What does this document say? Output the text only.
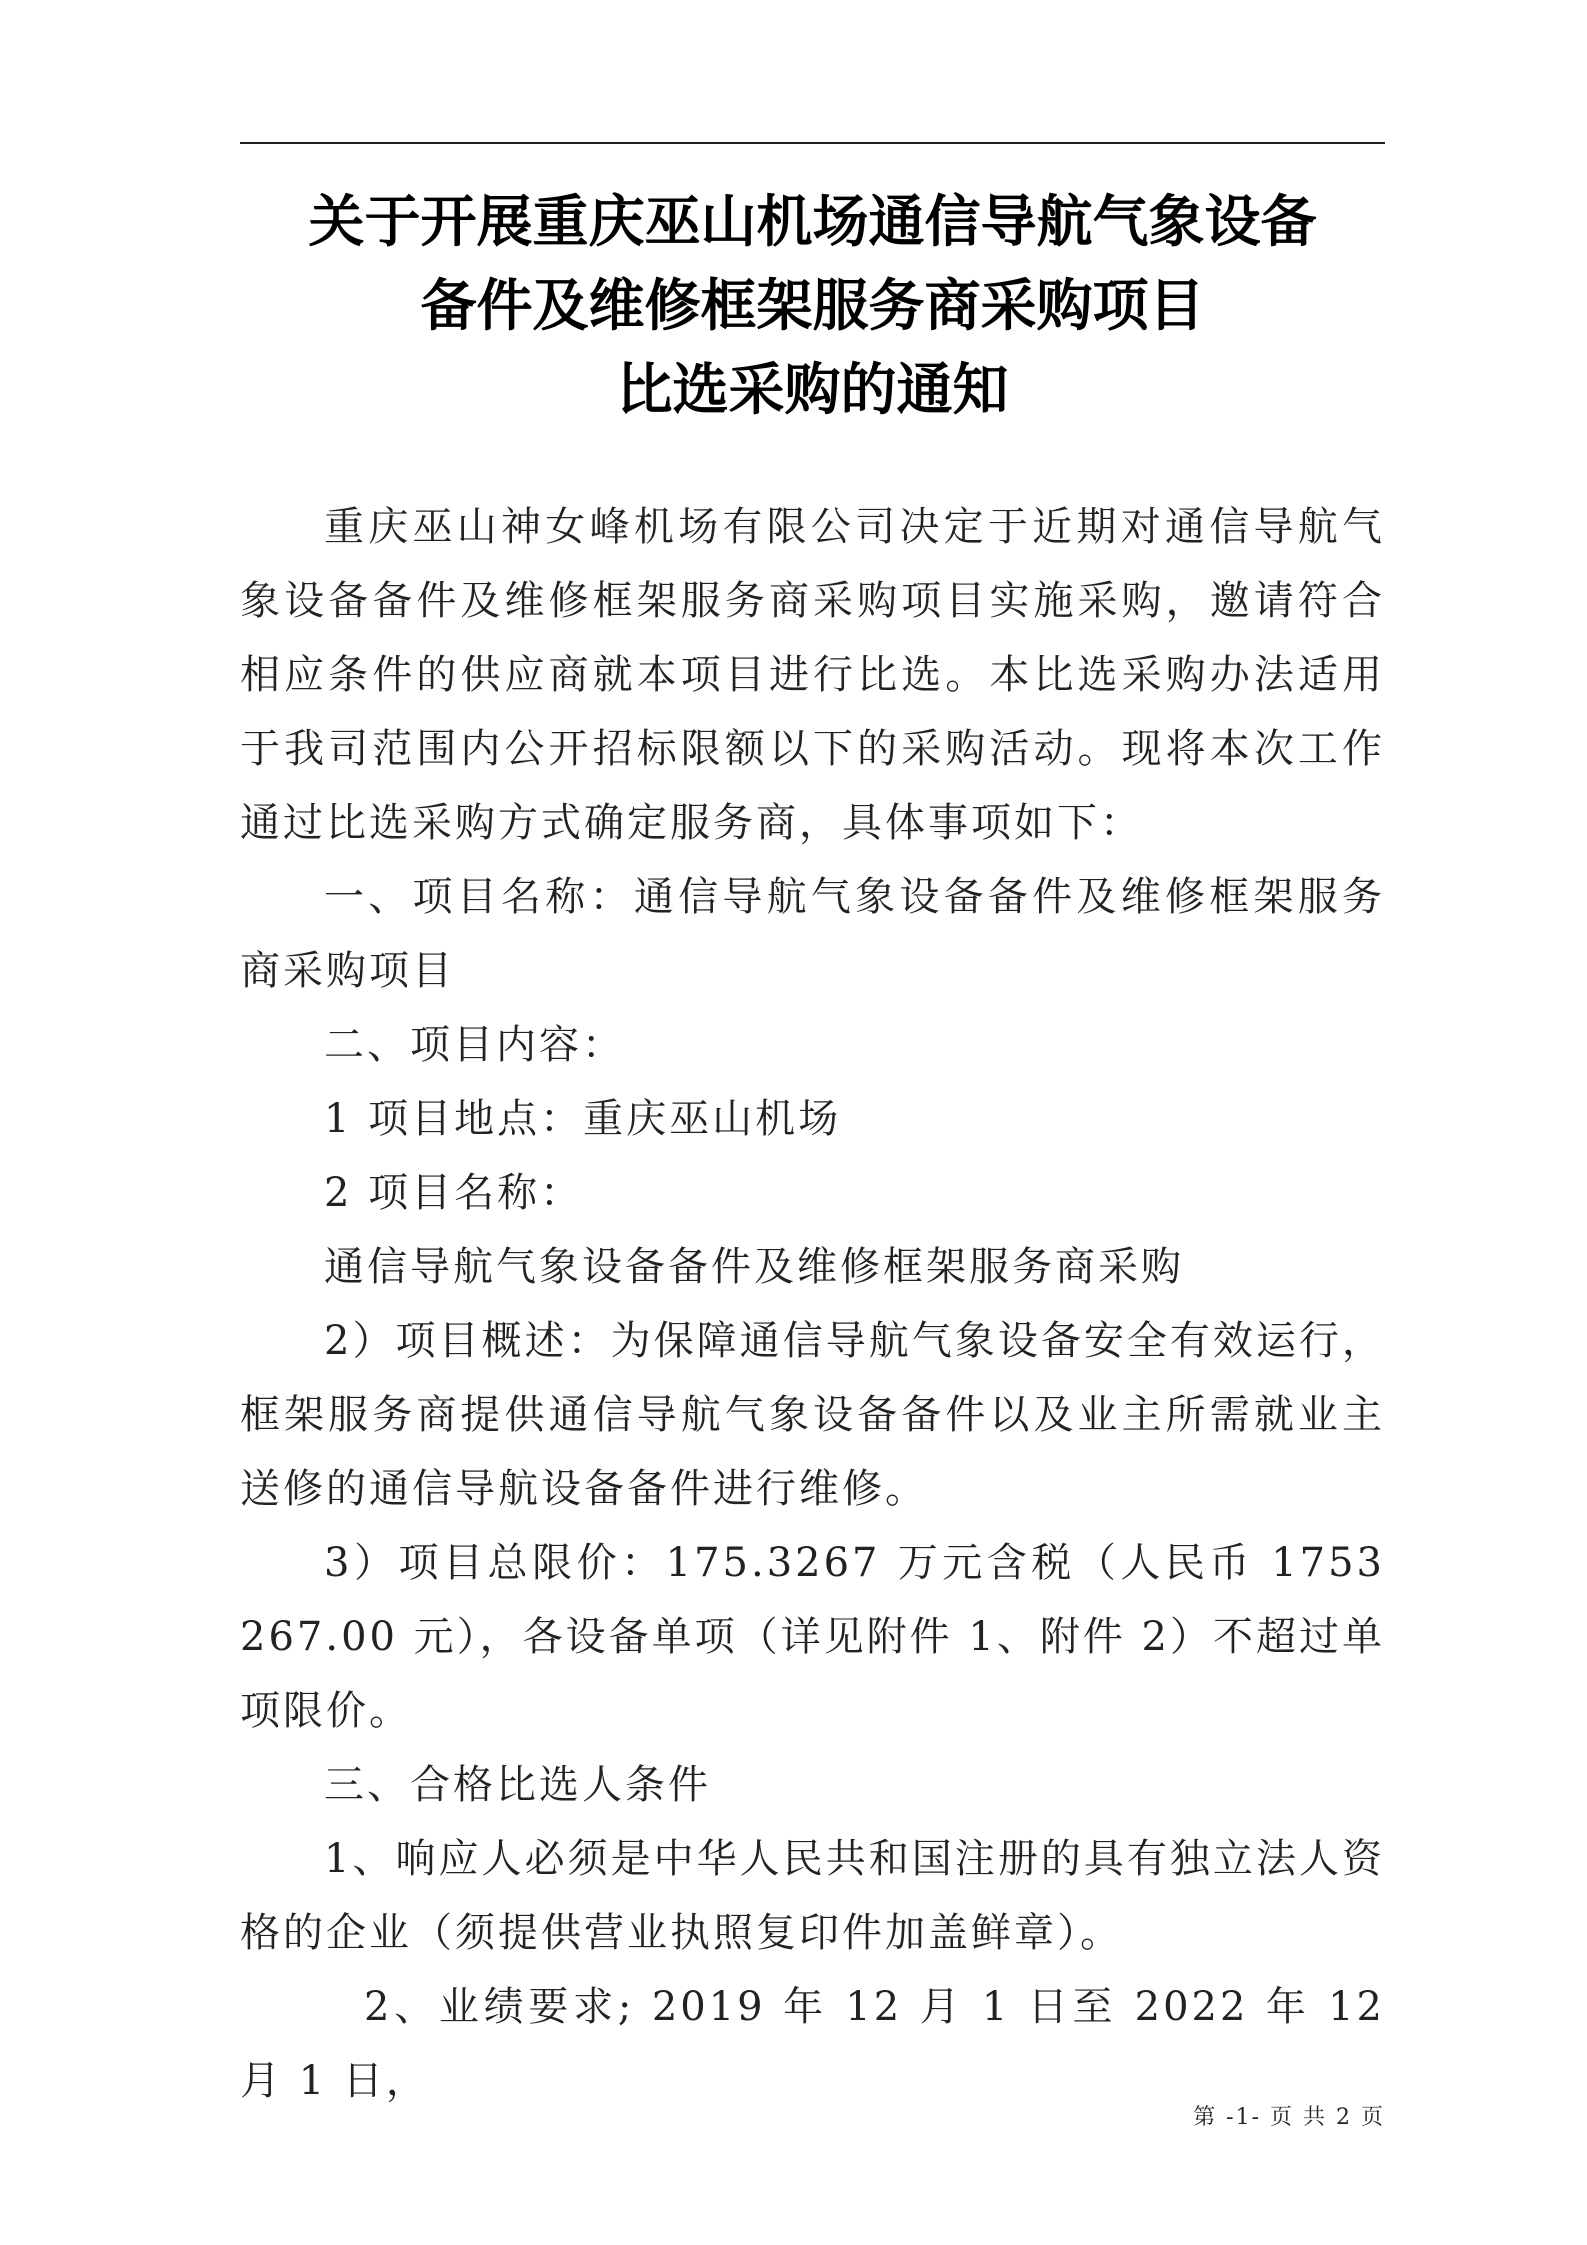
关于开展重庆巫山机场通信导航气象设备
备件及维修框架服务商采购项目
比选采购的通知

重庆巫山神女峰机场有限公司决定于近期对通信导航气象设备备件及维修框架服务商采购项目实施采购，邀请符合相应条件的供应商就本项目进行比选。本比选采购办法适用于我司范围内公开招标限额以下的采购活动。现将本次工作通过比选采购方式确定服务商，具体事项如下：

一、项目名称：通信导航气象设备备件及维修框架服务商采购项目

二、项目内容：

1 项目地点：重庆巫山机场

2 项目名称：

通信导航气象设备备件及维修框架服务商采购

2）项目概述：为保障通信导航气象设备安全有效运行，框架服务商提供通信导航气象设备备件以及业主所需就业主送修的通信导航设备备件进行维修。

3）项目总限价：175.3267 万元含税（人民币 1753267.00 元），各设备单项（详见附件 1、附件 2）不超过单项限价。

三、合格比选人条件

1、响应人必须是中华人民共和国注册的具有独立法人资格的企业（须提供营业执照复印件加盖鲜章）。

2、业绩要求; 2019 年 12 月 1 日至 2022 年 12 月 1 日，

第 -1- 页 共 2 页
